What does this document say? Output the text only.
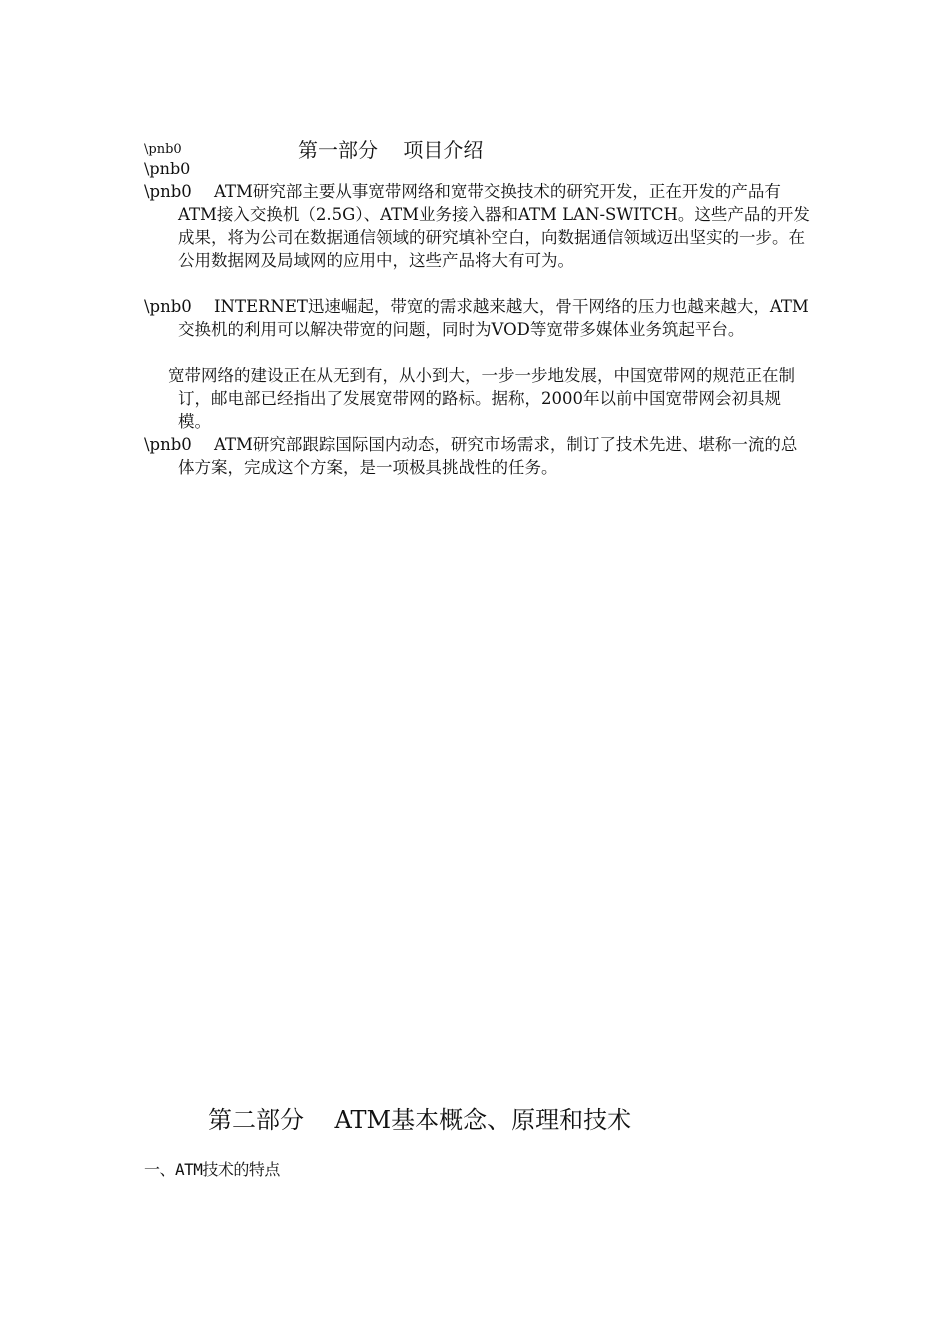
\pnb0	第一部分    项目介绍
\pnb0
\pnb0 ATM研究部主要从事宽带网络和宽带交换技术的研究开发，正在开发的产品有ATM接入交换机（2.5G）、ATM业务接入器和ATM LAN-SWITCH。这些产品的开发成果，将为公司在数据通信领域的研究填补空白，向数据通信领域迈出坚实的一步。在公用数据网及局域网的应用中，这些产品将大有可为。
\pnb0 INTERNET迅速崛起，带宽的需求越来越大，骨干网络的压力也越来越大，ATM交换机的利用可以解决带宽的问题，同时为VOD等宽带多媒体业务筑起平台。
宽带网络的建设正在从无到有，从小到大，一步一步地发展，中国宽带网的规范正在制订，邮电部已经指出了发展宽带网的路标。据称，2000年以前中国宽带网会初具规模。
\pnb0 ATM研究部跟踪国际国内动态，研究市场需求，制订了技术先进、堪称一流的总体方案，完成这个方案，是一项极具挑战性的任务。
第二部分    ATM基本概念、原理和技术
一、ATM技术的特点
